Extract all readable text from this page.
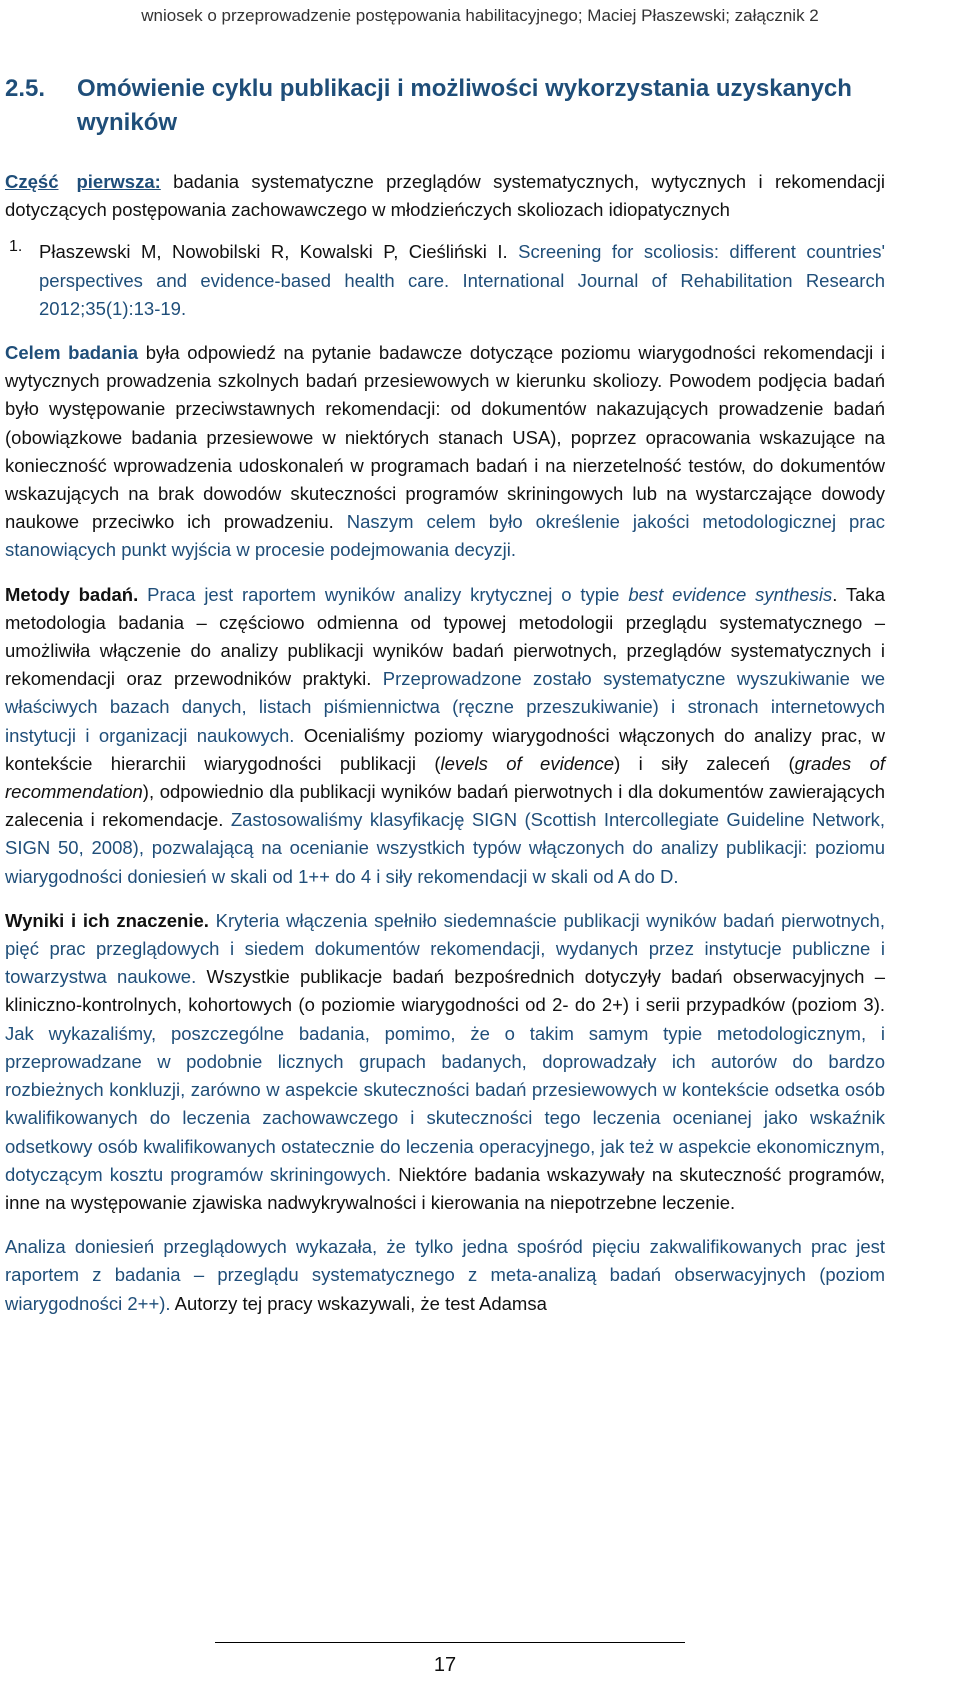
wniosek o przeprowadzenie postępowania habilitacyjnego; Maciej Płaszewski; załącznik 2
2.5.	Omówienie cyklu publikacji i możliwości wykorzystania uzyskanych wyników

Część pierwsza: badania systematyczne przeglądów systematycznych, wytycznych i rekomendacji dotyczących postępowania zachowawczego w młodzieńczych skoliozach idiopatycznych

1. Płaszewski M, Nowobilski R, Kowalski P, Cieśliński I. Screening for scoliosis: different countries' perspectives and evidence-based health care. International Journal of Rehabilitation Research 2012;35(1):13-19.

Celem badania była odpowiedź na pytanie badawcze dotyczące poziomu wiarygodności rekomendacji i wytycznych prowadzenia szkolnych badań przesiewowych w kierunku skoliozy. Powodem podjęcia badań było występowanie przeciwstawnych rekomendacji: od dokumentów nakazujących prowadzenie badań (obowiązkowe badania przesiewowe w niektórych stanach USA), poprzez opracowania wskazujące na konieczność wprowadzenia udoskonaleń w programach badań i na nierzetelność testów, do dokumentów wskazujących na brak dowodów skuteczności programów skriningowych lub na wystarczające dowody naukowe przeciwko ich prowadzeniu. Naszym celem było określenie jakości metodologicznej prac stanowiących punkt wyjścia w procesie podejmowania decyzji.

Metody badań. Praca jest raportem wyników analizy krytycznej o typie best evidence synthesis. Taka metodologia badania – częściowo odmienna od typowej metodologii przeglądu systematycznego – umożliwiła włączenie do analizy publikacji wyników badań pierwotnych, przeglądów systematycznych i rekomendacji oraz przewodników praktyki. Przeprowadzone zostało systematyczne wyszukiwanie we właściwych bazach danych, listach piśmiennictwa (ręczne przeszukiwanie) i stronach internetowych instytucji i organizacji naukowych. Ocenialiśmy poziomy wiarygodności włączonych do analizy prac, w kontekście hierarchii wiarygodności publikacji (levels of evidence) i siły zaleceń (grades of recommendation), odpowiednio dla publikacji wyników badań pierwotnych i dla dokumentów zawierających zalecenia i rekomendacje. Zastosowaliśmy klasyfikację SIGN (Scottish Intercollegiate Guideline Network, SIGN 50, 2008), pozwalającą na ocenianie wszystkich typów włączonych do analizy publikacji: poziomu wiarygodności doniesień w skali od 1++ do 4 i siły rekomendacji w skali od A do D.

Wyniki i ich znaczenie. Kryteria włączenia spełniło siedemnaście publikacji wyników badań pierwotnych, pięć prac przeglądowych i siedem dokumentów rekomendacji, wydanych przez instytucje publiczne i towarzystwa naukowe. Wszystkie publikacje badań bezpośrednich dotyczyły badań obserwacyjnych – kliniczno-kontrolnych, kohortowych (o poziomie wiarygodności od 2- do 2+) i serii przypadków (poziom 3). Jak wykazaliśmy, poszczególne badania, pomimo, że o takim samym typie metodologicznym, i przeprowadzane w podobnie licznych grupach badanych, doprowadzały ich autorów do bardzo rozbieżnych konkluzji, zarówno w aspekcie skuteczności badań przesiewowych w kontekście odsetka osób kwalifikowanych do leczenia zachowawczego i skuteczności tego leczenia ocenianej jako wskaźnik odsetkowy osób kwalifikowanych ostatecznie do leczenia operacyjnego, jak też w aspekcie ekonomicznym, dotyczącym kosztu programów skriningowych. Niektóre badania wskazywały na skuteczność programów, inne na występowanie zjawiska nadwykrywalności i kierowania na niepotrzebne leczenie.

Analiza doniesień przeglądowych wykazała, że tylko jedna spośród pięciu zakwalifikowanych prac jest raportem z badania – przeglądu systematycznego z meta-analizą badań obserwacyjnych (poziom wiarygodności 2++). Autorzy tej pracy wskazywali, że test Adamsa

17
